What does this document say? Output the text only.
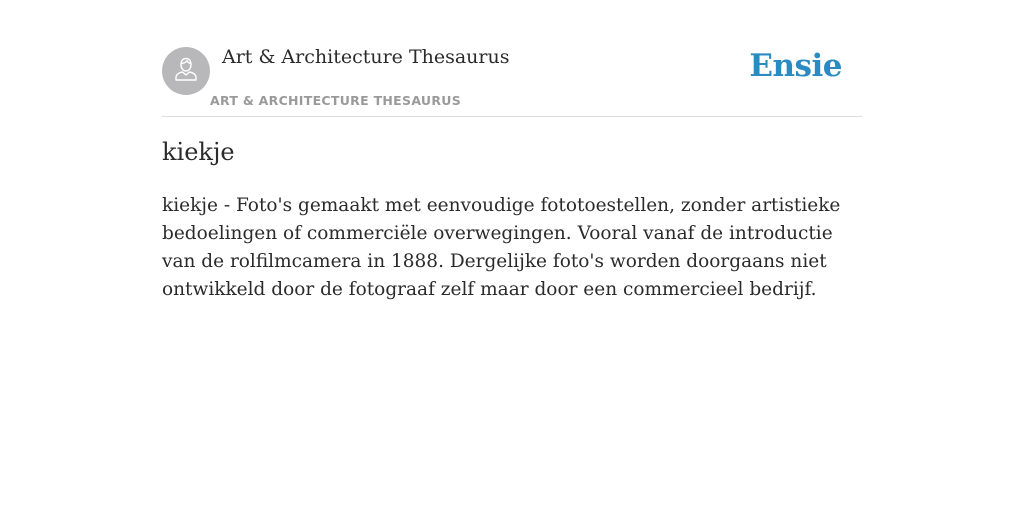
Art & Architecture Thesaurus
ART & ARCHITECTURE THESAURUS
Ensie
kiekje

kiekje - Foto's gemaakt met eenvoudige fototoestellen, zonder artistieke bedoelingen of commerciële overwegingen. Vooral vanaf de introductie van de rolfilmcamera in 1888. Dergelijke foto's worden doorgaans niet ontwikkeld door de fotograaf zelf maar door een commercieel bedrijf.
